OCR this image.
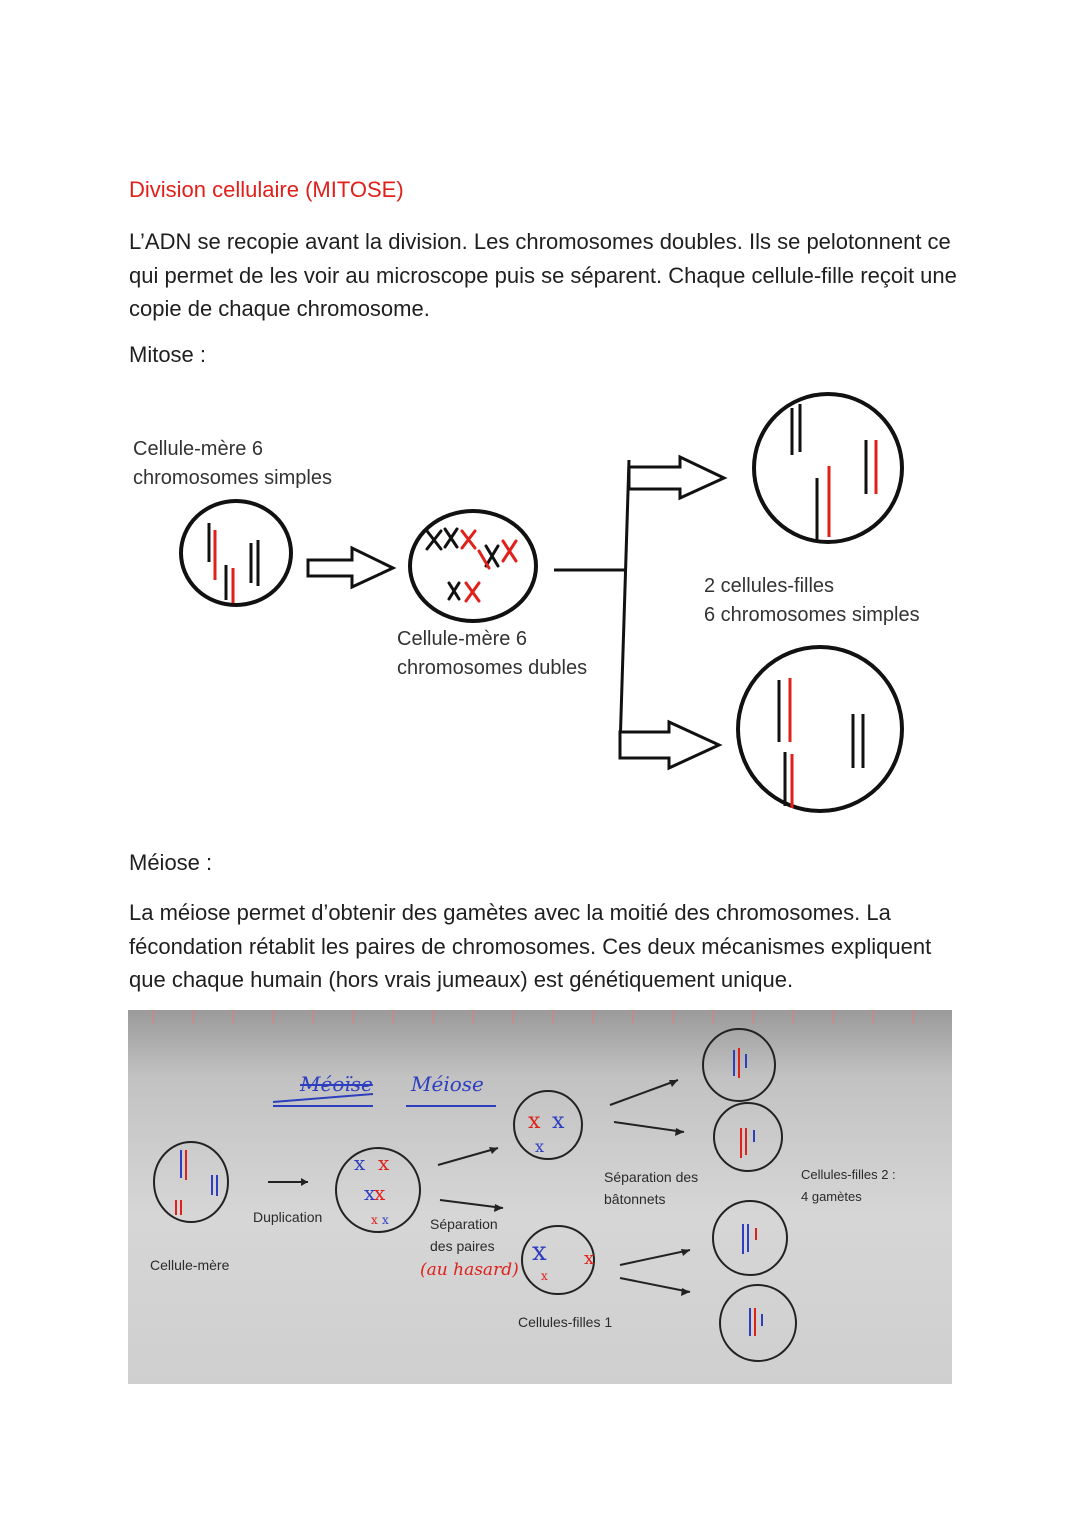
Division cellulaire (MITOSE)
L’ADN se recopie avant la division. Les chromosomes doubles. Ils se pelotonnent ce qui permet de les voir au microscope puis se séparent. Chaque cellule-fille reçoit une copie de chaque chromosome.
Mitose :
Cellule-mère 6
chromosomes simples
Cellule-mère 6
chromosomes dubles
2 cellules-filles
6 chromosomes simples
Méiose :
La méiose permet d’obtenir des gamètes avec la moitié des chromosomes. La fécondation rétablit les paires de chromosomes. Ces deux mécanismes expliquent que chaque humain (hors vrais jumeaux) est génétiquement unique.
x x
x
x
x x
x x
x
x x
x
Méoïse Méiose
Cellule-mère
Duplication	Séparation
des paires
(au hasard)
Séparation des
bâtonnets
Cellules-filles 1
Cellules-filles 2 :
4 gamètes
